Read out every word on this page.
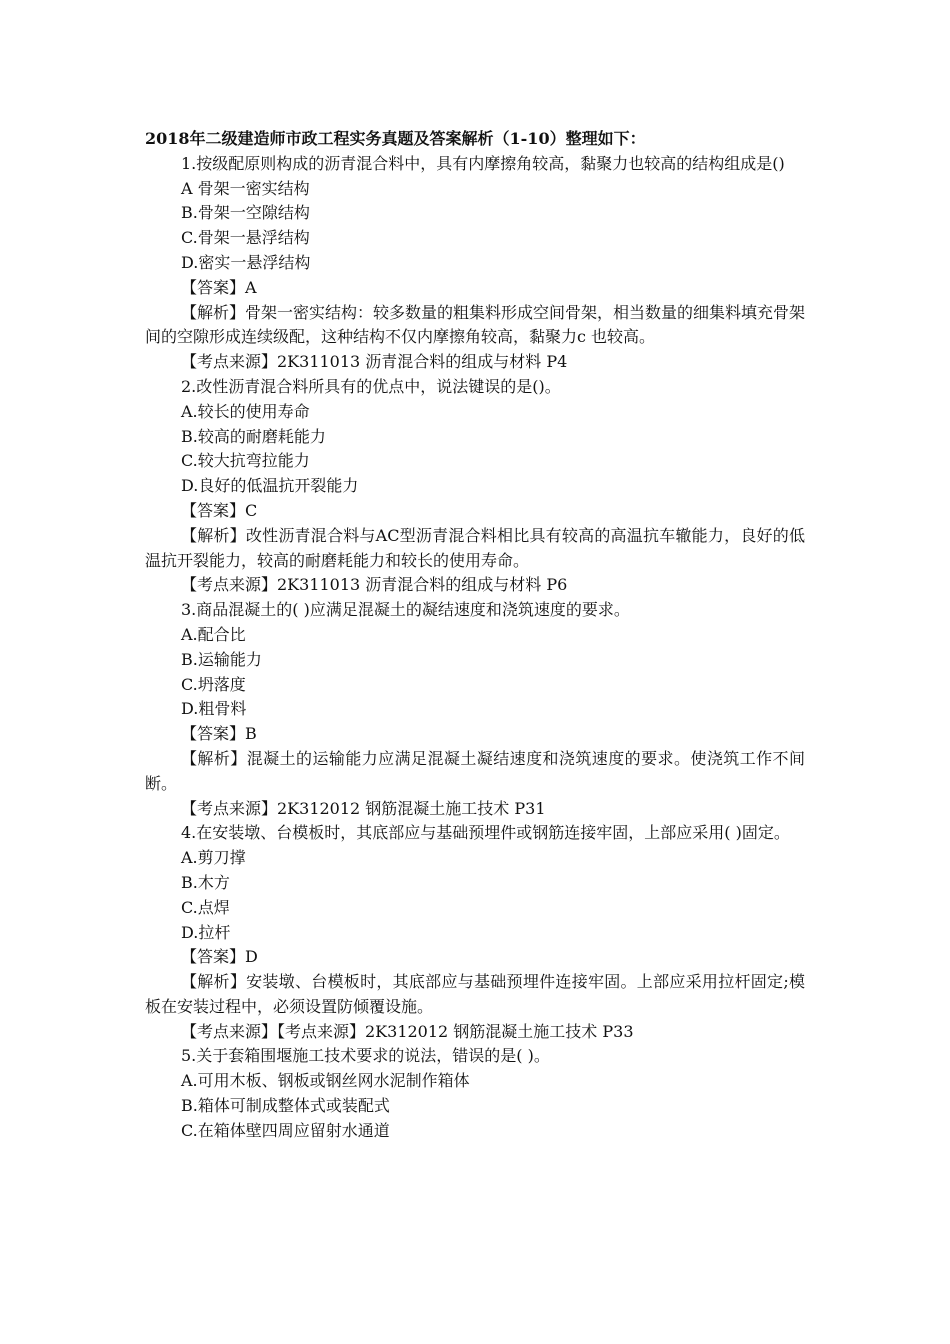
2018年二级建造师市政工程实务真题及答案解析（1-10）整理如下：

1.按级配原则构成的沥青混合料中，具有内摩擦角较高，黏聚力也较高的结构组成是()

A 骨架一密实结构

B.骨架一空隙结构

C.骨架一悬浮结构

D.密实一悬浮结构

【答案】A

【解析】骨架一密实结构：较多数量的粗集料形成空间骨架，相当数量的细集料填充骨架间的空隙形成连续级配，这种结构不仅内摩擦角较高，黏聚力c 也较高。

【考点来源】2K311013 沥青混合料的组成与材料 P4

2.改性沥青混合料所具有的优点中，说法键误的是()。

A.较长的使用寿命

B.较高的耐磨耗能力

C.较大抗弯拉能力

D.良好的低温抗开裂能力

【答案】C

【解析】改性沥青混合料与AC型沥青混合料相比具有较高的高温抗车辙能力，良好的低温抗开裂能力，较高的耐磨耗能力和较长的使用寿命。

【考点来源】2K311013 沥青混合料的组成与材料 P6

3.商品混凝土的( )应满足混凝土的凝结速度和浇筑速度的要求。

A.配合比

B.运输能力

C.坍落度

D.粗骨料

【答案】B

【解析】混凝土的运输能力应满足混凝土凝结速度和浇筑速度的要求。使浇筑工作不间断。

【考点来源】2K312012 钢筋混凝土施工技术 P31

4.在安装墩、台模板时，其底部应与基础预埋件或钢筋连接牢固，上部应采用( )固定。

A.剪刀撑

B.木方

C.点焊

D.拉杆

【答案】D

【解析】安装墩、台模板时，其底部应与基础预埋件连接牢固。上部应采用拉杆固定;模板在安装过程中，必须设置防倾覆设施。

【考点来源】【考点来源】2K312012 钢筋混凝土施工技术 P33

5.关于套箱围堰施工技术要求的说法，错误的是( )。

A.可用木板、钢板或钢丝网水泥制作箱体

B.箱体可制成整体式或装配式

C.在箱体壁四周应留射水通道
